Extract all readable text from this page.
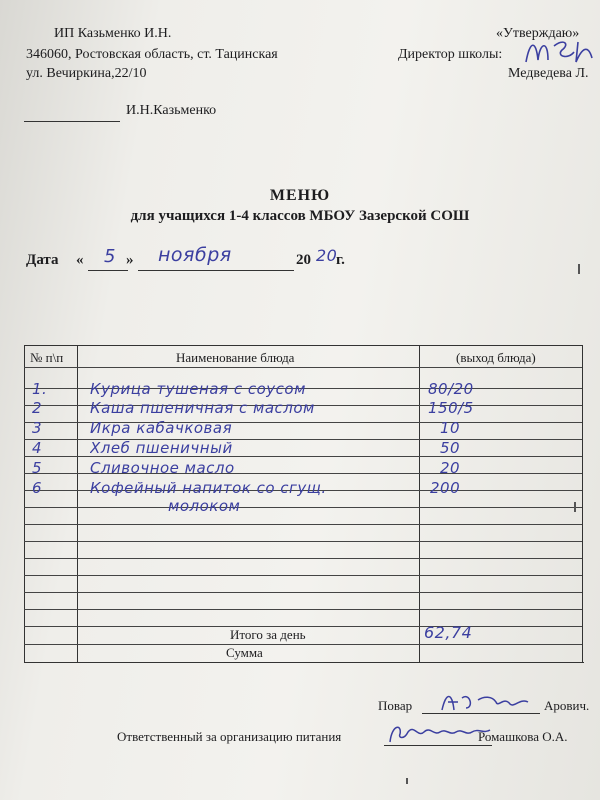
ИП Казьменко И.Н.
346060, Ростовская область, ст. Тацинская
ул. Вечиркина,22/10
И.Н.Казьменко
«Утверждаю»
Директор школы:
Медведева Л.
МЕНЮ
для учащихся 1-4 классов МБОУ Зазерской СОШ
Дата « 5 » ноября	20 20
г.
№ п\п	Наименование блюда	(выход блюда)
1.	Курица тушеная с соусом	80/20
2	Каша пшеничная с маслом	150/5
3	Икра кабачковая	10
4	Хлеб пшеничный	50
5	Сливочное масло	20
6	Кофейный напиток со сгущ.	200
молоком
Итого за день	62,74
Сумма
Повар	Арович.
Ответственный за организацию питания	Ромашкова О.А.
